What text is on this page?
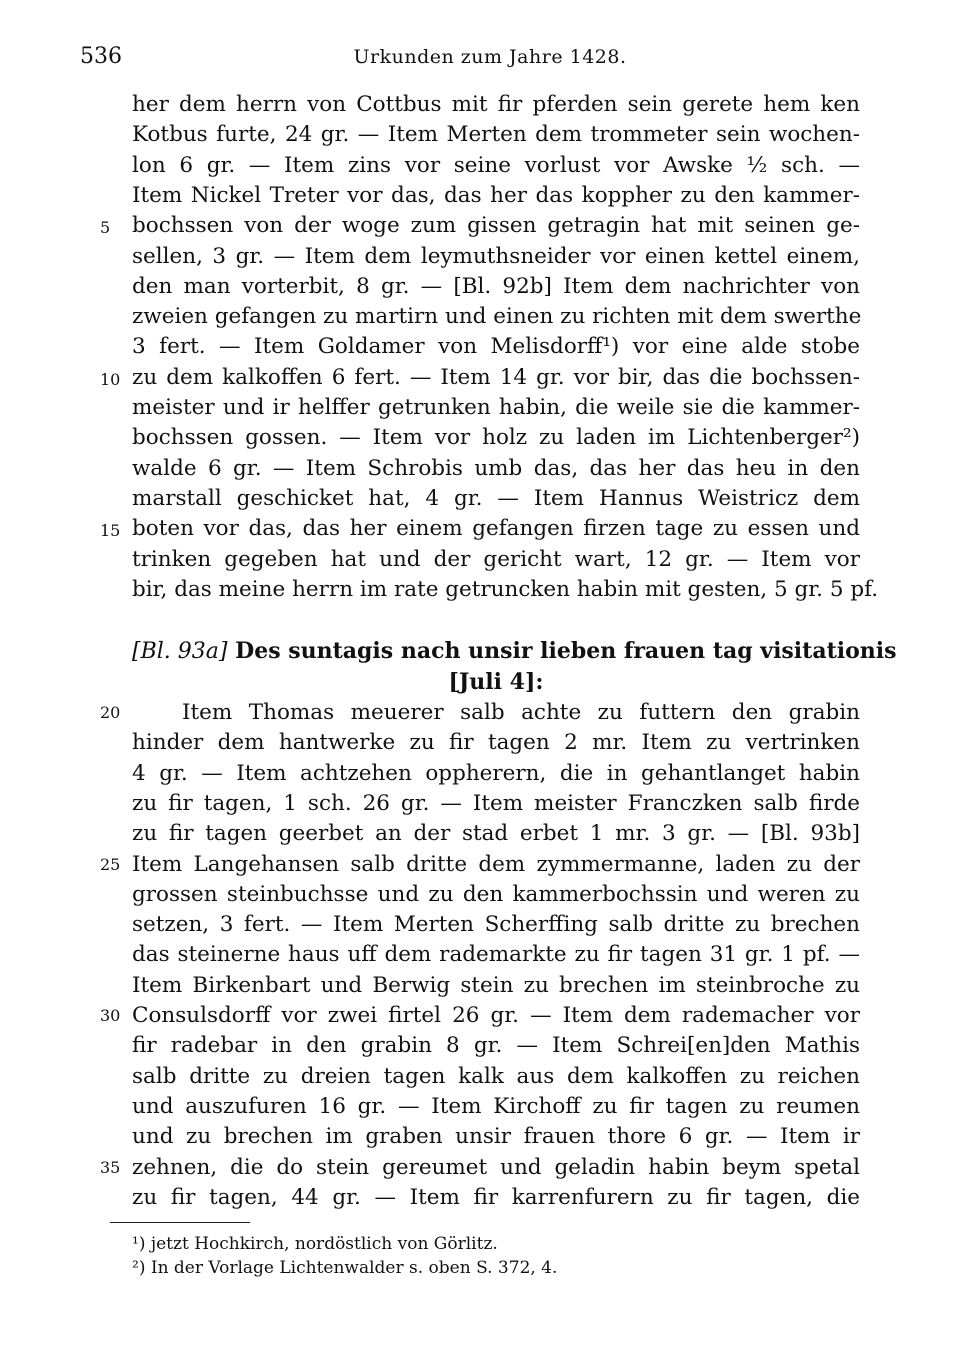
536	Urkunden zum Jahre 1428.
her dem herrn von Cottbus mit fir pferden sein gerete hem ken
Kotbus furte, 24 gr. — Item Merten dem trommeter sein wochen-
lon 6 gr. — Item zins vor seine vorlust vor Awske ½ sch. —
Item Nickel Treter vor das, das her das koppher zu den kammer-
bochssen von der woge zum gissen getragin hat mit seinen ge-
sellen, 3 gr. — Item dem leymuthsneider vor einen kettel einem,
den man vorterbit, 8 gr. — [Bl. 92b] Item dem nachrichter von
zweien gefangen zu martirn und einen zu richten mit dem swerthe
3 fert. — Item Goldamer von Melisdorff¹) vor eine alde stobe
zu dem kalkoffen 6 fert. — Item 14 gr. vor bir, das die bochssen-
meister und ir helffer getrunken habin, die weile sie die kammer-
bochssen gossen. — Item vor holz zu laden im Lichtenberger²)
walde 6 gr. — Item Schrobis umb das, das her das heu in den
marstall geschicket hat, 4 gr. — Item Hannus Weistricz dem
boten vor das, das her einem gefangen firzen tage zu essen und
trinken gegeben hat und der gericht wart, 12 gr. — Item vor
bir, das meine herrn im rate getruncken habin mit gesten, 5 gr. 5 pf.
[Bl. 93a] Des suntagis nach unsir lieben frauen tag visitationis
[Juli 4]:
Item Thomas meuerer salb achte zu futtern den grabin
hinder dem hantwerke zu fir tagen 2 mr. Item zu vertrinken
4 gr. — Item achtzehen oppherern, die in gehantlanget habin
zu fir tagen, 1 sch. 26 gr. — Item meister Franczken salb firde
zu fir tagen geerbet an der stad erbet 1 mr. 3 gr. — [Bl. 93b]
Item Langehansen salb dritte dem zymmermanne, laden zu der
grossen steinbuchsse und zu den kammerbochssin und weren zu
setzen, 3 fert. — Item Merten Scherffing salb dritte zu brechen
das steinerne haus uff dem rademarkte zu fir tagen 31 gr. 1 pf. —
Item Birkenbart und Berwig stein zu brechen im steinbroche zu
Consulsdorff vor zwei firtel 26 gr. — Item dem rademacher vor
fir radebar in den grabin 8 gr. — Item Schrei[en]den Mathis
salb dritte zu dreien tagen kalk aus dem kalkoffen zu reichen
und auszufuren 16 gr. — Item Kirchoff zu fir tagen zu reumen
und zu brechen im graben unsir frauen thore 6 gr. — Item ir
zehnen, die do stein gereumet und geladin habin beym spetal
zu fir tagen, 44 gr. — Item fir karrenfurern zu fir tagen, die
5
10
15
20
25
30
35
¹) jetzt Hochkirch, nordöstlich von Görlitz.
²) In der Vorlage Lichtenwalder s. oben S. 372, 4.
